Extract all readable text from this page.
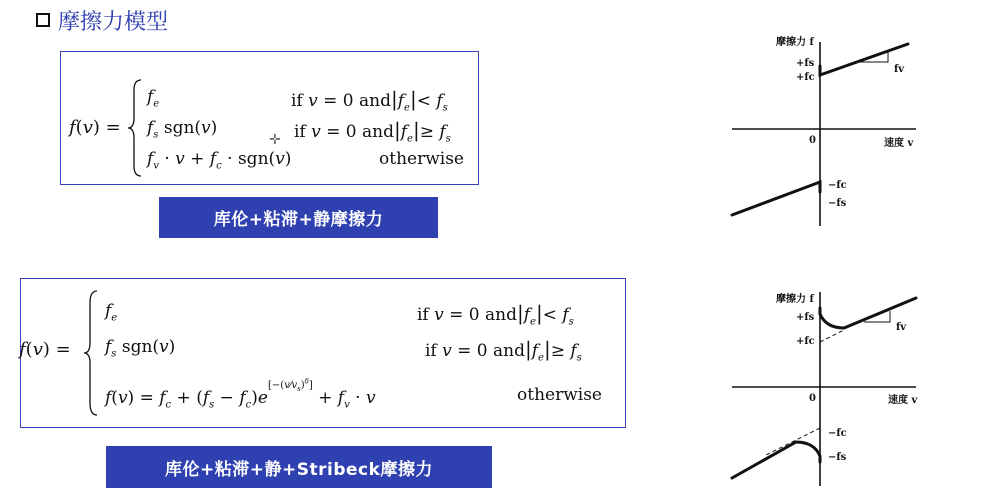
摩擦力模型
f(v) =
$f_e$	if v = 0 $and|f_e|< f_s$
$f_s$ sgn(v)	if v = 0 $and|f_e|\ge f_s$
$f_v \cdot v + f_c \cdot sgn(v)$	otherwise
✛
库伦+粘滞+静摩擦力
f(v) =
$f_e$	if v = 0 $and|f_e|< f_s$
$f_s$ sgn(v)	if v = 0 $and|f_e|\ge f_s$
$f(v) = f_c + (f_s - f_c)e[-(v⁄vs)\delta] + f_v \cdot v$	otherwise
库伦+粘滞+静+Stribeck摩擦力
摩擦力 f
速度 v
0
+fs
+fc
−fc
−fs
fv
摩擦力 f
速度 v
0
+fs
+fc
−fc
−fs
fv
